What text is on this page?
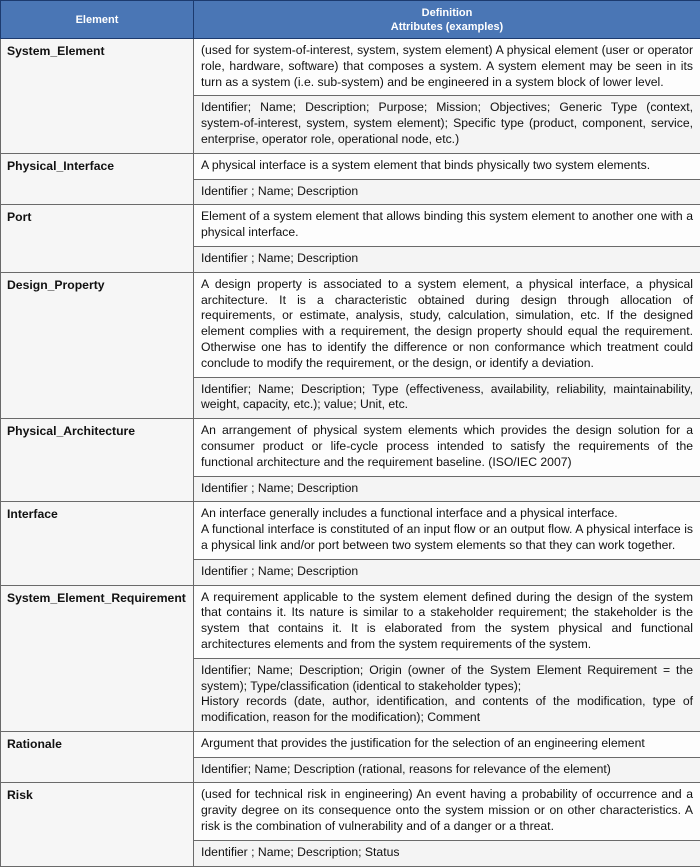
Element	Definition
Attributes (examples)

System_Element	(used for system-of-interest, system, system element) A physical element (user or operator role, hardware, software) that composes a system. A system element may be seen in its turn as a system (i.e. sub-system) and be engineered in a system block of lower level.
	Identifier; Name; Description; Purpose; Mission; Objectives; Generic Type (context, system-of-interest, system, system element); Specific type (product, component, service, enterprise, operator role, operational node, etc.)
Physical_Interface	A physical interface is a system element that binds physically two system elements.
	Identifier ; Name; Description
Port	Element of a system element that allows binding this system element to another one with a physical interface.
	Identifier ; Name; Description
Design_Property	A design property is associated to a system element, a physical interface, a physical architecture. It is a characteristic obtained during design through allocation of requirements, or estimate, analysis, study, calculation, simulation, etc. If the designed element complies with a requirement, the design property should equal the requirement. Otherwise one has to identify the difference or non conformance which treatment could conclude to modify the requirement, or the design, or identify a deviation.
	Identifier; Name; Description; Type (effectiveness, availability, reliability, maintainability, weight, capacity, etc.); value; Unit, etc.
Physical_Architecture	An arrangement of physical system elements which provides the design solution for a consumer product or life-cycle process intended to satisfy the requirements of the functional architecture and the requirement baseline. (ISO/IEC 2007)
	Identifier ; Name; Description
Interface	An interface generally includes a functional interface and a physical interface.
A functional interface is constituted of an input flow or an output flow. A physical interface is a physical link and/or port between two system elements so that they can work together.

	Identifier ; Name; Description
System_Element_Requirement	A requirement applicable to the system element defined during the design of the system that contains it. Its nature is similar to a stakeholder requirement; the stakeholder is the system that contains it. It is elaborated from the system physical and functional architectures elements and from the system requirements of the system.

	Identifier; Name; Description; Origin (owner of the System Element Requirement = the system); Type/classification (identical to stakeholder types);
History records (date, author, identification, and contents of the modification, type of modification, reason for the modification); Comment

Rationale	Argument that provides the justification for the selection of an engineering element
	Identifier; Name; Description (rational, reasons for relevance of the element)
Risk	(used for technical risk in engineering) An event having a probability of occurrence and a gravity degree on its consequence onto the system mission or on other characteristics. A risk is the combination of vulnerability and of a danger or a threat.
	Identifier ; Name; Description; Status
